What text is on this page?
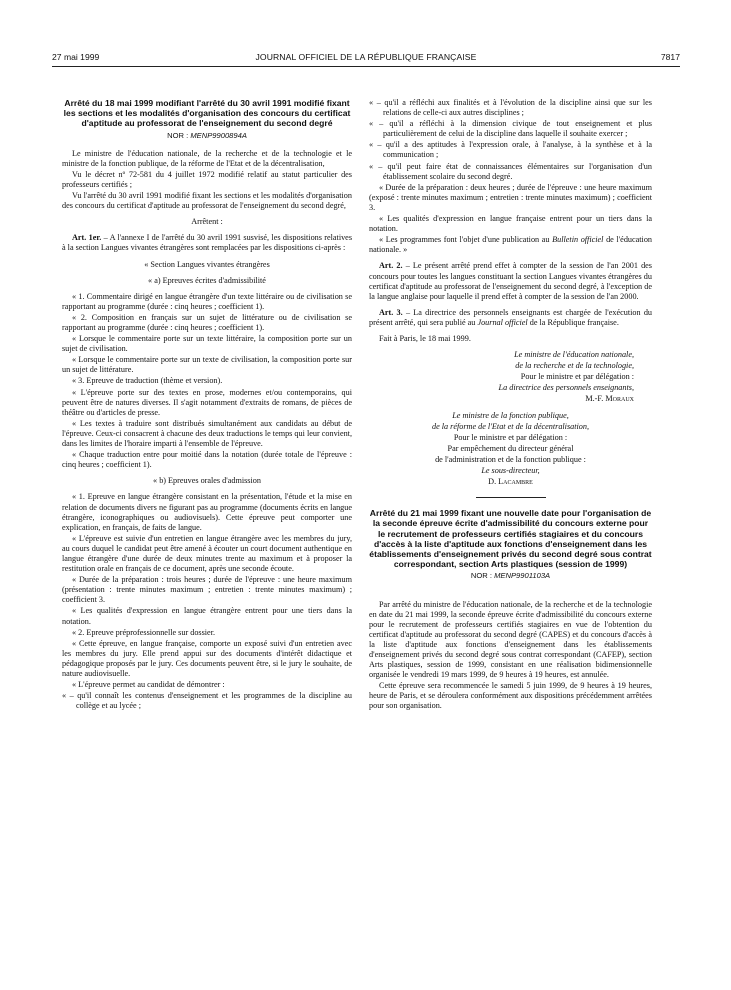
27 mai 1999	JOURNAL OFFICIEL DE LA RÉPUBLIQUE FRANÇAISE	7817
Arrêté du 18 mai 1999 modifiant l'arrêté du 30 avril 1991 modifié fixant les sections et les modalités d'organisation des concours du certificat d'aptitude au professorat de l'enseignement du second degré
NOR : MENP9900894A

Le ministre de l'éducation nationale, de la recherche et de la technologie et le ministre de la fonction publique, de la réforme de l'Etat et de la décentralisation,

Vu le décret nº 72-581 du 4 juillet 1972 modifié relatif au statut particulier des professeurs certifiés ;

Vu l'arrêté du 30 avril 1991 modifié fixant les sections et les modalités d'organisation des concours du certificat d'aptitude au professorat de l'enseignement du second degré,

Arrêtent :

Art. 1er. – A l'annexe I de l'arrêté du 30 avril 1991 susvisé, les dispositions relatives à la section Langues vivantes étrangères sont remplacées par les dispositions ci-après :

« Section Langues vivantes étrangères

« a) Epreuves écrites d'admissibilité

« 1. Commentaire dirigé en langue étrangère d'un texte littéraire ou de civilisation se rapportant au programme (durée : cinq heures ; coefficient 1).

« 2. Composition en français sur un sujet de littérature ou de civilisation se rapportant au programme (durée : cinq heures ; coefficient 1).

« Lorsque le commentaire porte sur un texte littéraire, la composition porte sur un sujet de civilisation.

« Lorsque le commentaire porte sur un texte de civilisation, la composition porte sur un sujet de littérature.

« 3. Epreuve de traduction (thème et version).

« L'épreuve porte sur des textes en prose, modernes et/ou contemporains, qui peuvent être de natures diverses. Il s'agit notamment d'extraits de romans, de pièces de théâtre ou d'articles de presse.

« Les textes à traduire sont distribués simultanément aux candidats au début de l'épreuve. Ceux-ci consacrent à chacune des deux traductions le temps qui leur convient, dans les limites de l'horaire imparti à l'ensemble de l'épreuve.

« Chaque traduction entre pour moitié dans la notation (durée totale de l'épreuve : cinq heures ; coefficient 1).

« b) Epreuves orales d'admission

« 1. Epreuve en langue étrangère consistant en la présentation, l'étude et la mise en relation de documents divers ne figurant pas au programme (documents écrits en langue étrangère, iconographiques ou audiovisuels). Cette épreuve peut comporter une explication, en français, de faits de langue.

« L'épreuve est suivie d'un entretien en langue étrangère avec les membres du jury, au cours duquel le candidat peut être amené à écouter un court document authentique en langue étrangère d'une durée de deux minutes trente au maximum et à proposer la restitution orale en français de ce document, après une seconde écoute.

« Durée de la préparation : trois heures ; durée de l'épreuve : une heure maximum (présentation : trente minutes maximum ; entretien : trente minutes maximum) ; coefficient 3.

« Les qualités d'expression en langue étrangère entrent pour une tiers dans la notation.

« 2. Epreuve préprofessionnelle sur dossier.

« Cette épreuve, en langue française, comporte un exposé suivi d'un entretien avec les membres du jury. Elle prend appui sur des documents d'intérêt didactique et pédagogique proposés par le jury. Ces documents peuvent être, si le jury le souhaite, de nature audiovisuelle.

« L'épreuve permet au candidat de démontrer :

« – qu'il connaît les contenus d'enseignement et les programmes de la discipline au collège et au lycée ;

« – qu'il a réfléchi aux finalités et à l'évolution de la discipline ainsi que sur les relations de celle-ci aux autres disciplines ;

« – qu'il a réfléchi à la dimension civique de tout enseignement et plus particulièrement de celui de la discipline dans laquelle il souhaite exercer ;

« – qu'il a des aptitudes à l'expression orale, à l'analyse, à la synthèse et à la communication ;

« – qu'il peut faire état de connaissances élémentaires sur l'organisation d'un établissement scolaire du second degré.

« Durée de la préparation : deux heures ; durée de l'épreuve : une heure maximum (exposé : trente minutes maximum ; entretien : trente minutes maximum) ; coefficient 3.

« Les qualités d'expression en langue française entrent pour un tiers dans la notation.

« Les programmes font l'objet d'une publication au Bulletin officiel de l'éducation nationale. »

Art. 2. – Le présent arrêté prend effet à compter de la session de l'an 2001 des concours pour toutes les langues constituant la section Langues vivantes étrangères du certificat d'aptitude au professorat de l'enseignement du second degré, à l'exception de la langue anglaise pour laquelle il prend effet à compter de la session de l'an 2000.

Art. 3. – La directrice des personnels enseignants est chargée de l'exécution du présent arrêté, qui sera publié au Journal officiel de la République française.

Fait à Paris, le 18 mai 1999.

Le ministre de l'éducation nationale,

de la recherche et de la technologie,

Pour le ministre et par délégation :

La directrice des personnels enseignants,

M.-F. Moraux

Le ministre de la fonction publique,

de la réforme de l'Etat et de la décentralisation,

Pour le ministre et par délégation :

Par empêchement du directeur général

de l'administration et de la fonction publique :

Le sous-directeur,

D. Lacambre

Arrêté du 21 mai 1999 fixant une nouvelle date pour l'organisation de la seconde épreuve écrite d'admissibilité du concours externe pour le recrutement de professeurs certifiés stagiaires et du concours d'accès à la liste d'aptitude aux fonctions d'enseignement dans les établissements d'enseignement privés du second degré sous contrat correspondant, section Arts plastiques (session de 1999)
NOR : MENP9901103A

Par arrêté du ministre de l'éducation nationale, de la recherche et de la technologie en date du 21 mai 1999, la seconde épreuve écrite d'admissibilité du concours externe pour le recrutement de professeurs certifiés stagiaires en vue de l'obtention du certificat d'aptitude au professorat du second degré (CAPES) et du concours d'accès à la liste d'aptitude aux fonctions d'enseignement dans les établissements d'enseignement privés du second degré sous contrat correspondant (CAFEP), section Arts plastiques, session de 1999, consistant en une réalisation bidimensionnelle organisée le vendredi 19 mars 1999, de 9 heures à 19 heures, est annulée.

Cette épreuve sera recommencée le samedi 5 juin 1999, de 9 heures à 19 heures, heure de Paris, et se déroulera conformément aux dispositions précédemment arrêtées pour son organisation.
